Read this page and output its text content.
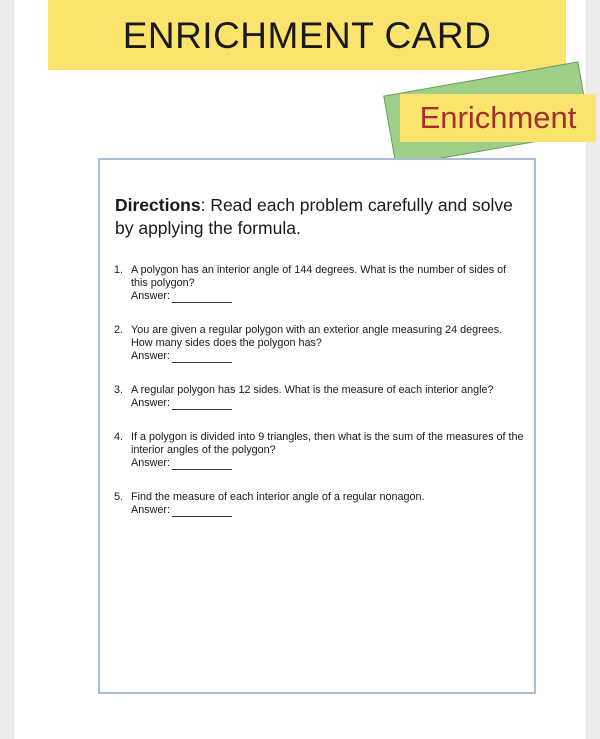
ENRICHMENT CARD
Enrichment
Directions: Read each problem carefully and solve by applying the formula.
1. A polygon has an interior angle of 144 degrees. What is the number of sides of this polygon?
Answer:
2. You are given a regular polygon with an exterior angle measuring 24 degrees. How many sides does the polygon has?
Answer:
3. A regular polygon has 12 sides. What is the measure of each interior angle?
Answer:
4. If a polygon is divided into 9 triangles, then what is the sum of the measures of the interior angles of the polygon?
Answer:
5. Find the measure of each interior angle of a regular nonagon.
Answer:
